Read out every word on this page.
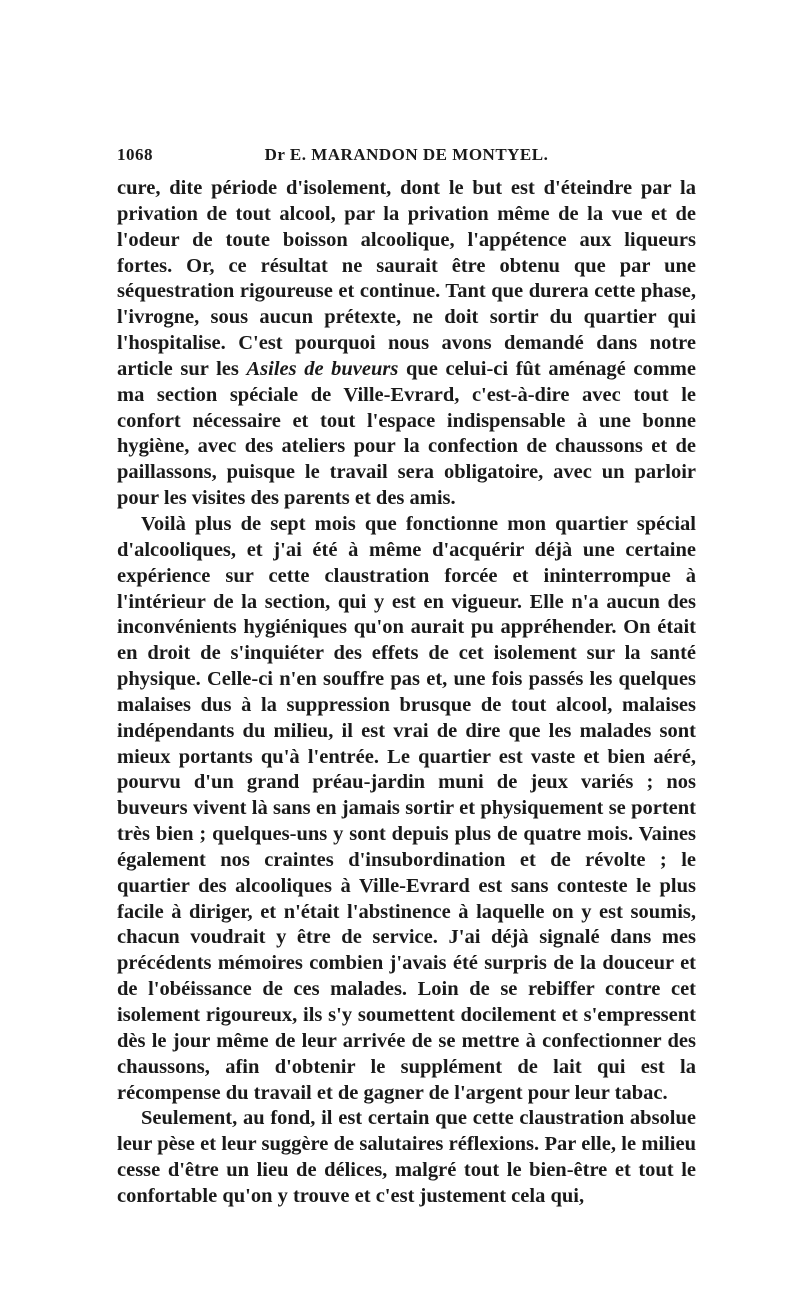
1068	Dr E. MARANDON DE MONTYEL.

cure, dite période d'isolement, dont le but est d'éteindre par la privation de tout alcool, par la privation même de la vue et de l'odeur de toute boisson alcoolique, l'appétence aux liqueurs fortes. Or, ce résultat ne saurait être obtenu que par une séquestration rigoureuse et continue. Tant que durera cette phase, l'ivrogne, sous aucun prétexte, ne doit sortir du quartier qui l'hospitalise. C'est pourquoi nous avons demandé dans notre article sur les Asiles de buveurs que celui-ci fût aménagé comme ma section spéciale de Ville-Evrard, c'est-à-dire avec tout le confort nécessaire et tout l'espace indispensable à une bonne hygiène, avec des ateliers pour la confection de chaussons et de paillassons, puisque le travail sera obligatoire, avec un parloir pour les visites des parents et des amis.

Voilà plus de sept mois que fonctionne mon quartier spécial d'alcooliques, et j'ai été à même d'acquérir déjà une certaine expérience sur cette claustration forcée et ininterrompue à l'intérieur de la section, qui y est en vigueur. Elle n'a aucun des inconvénients hygiéniques qu'on aurait pu appréhender. On était en droit de s'inquiéter des effets de cet isolement sur la santé physique. Celle-ci n'en souffre pas et, une fois passés les quelques malaises dus à la suppression brusque de tout alcool, malaises indépendants du milieu, il est vrai de dire que les malades sont mieux portants qu'à l'entrée. Le quartier est vaste et bien aéré, pourvu d'un grand préau-jardin muni de jeux variés ; nos buveurs vivent là sans en jamais sortir et physiquement se portent très bien ; quelques-uns y sont depuis plus de quatre mois. Vaines également nos craintes d'insubordination et de révolte ; le quartier des alcooliques à Ville-Evrard est sans conteste le plus facile à diriger, et n'était l'abstinence à laquelle on y est soumis, chacun voudrait y être de service. J'ai déjà signalé dans mes précédents mémoires combien j'avais été surpris de la douceur et de l'obéissance de ces malades. Loin de se rebiffer contre cet isolement rigoureux, ils s'y soumettent docilement et s'empressent dès le jour même de leur arrivée de se mettre à confectionner des chaussons, afin d'obtenir le supplément de lait qui est la récompense du travail et de gagner de l'argent pour leur tabac.

Seulement, au fond, il est certain que cette claustration absolue leur pèse et leur suggère de salutaires réflexions. Par elle, le milieu cesse d'être un lieu de délices, malgré tout le bien-être et tout le confortable qu'on y trouve et c'est justement cela qui,
